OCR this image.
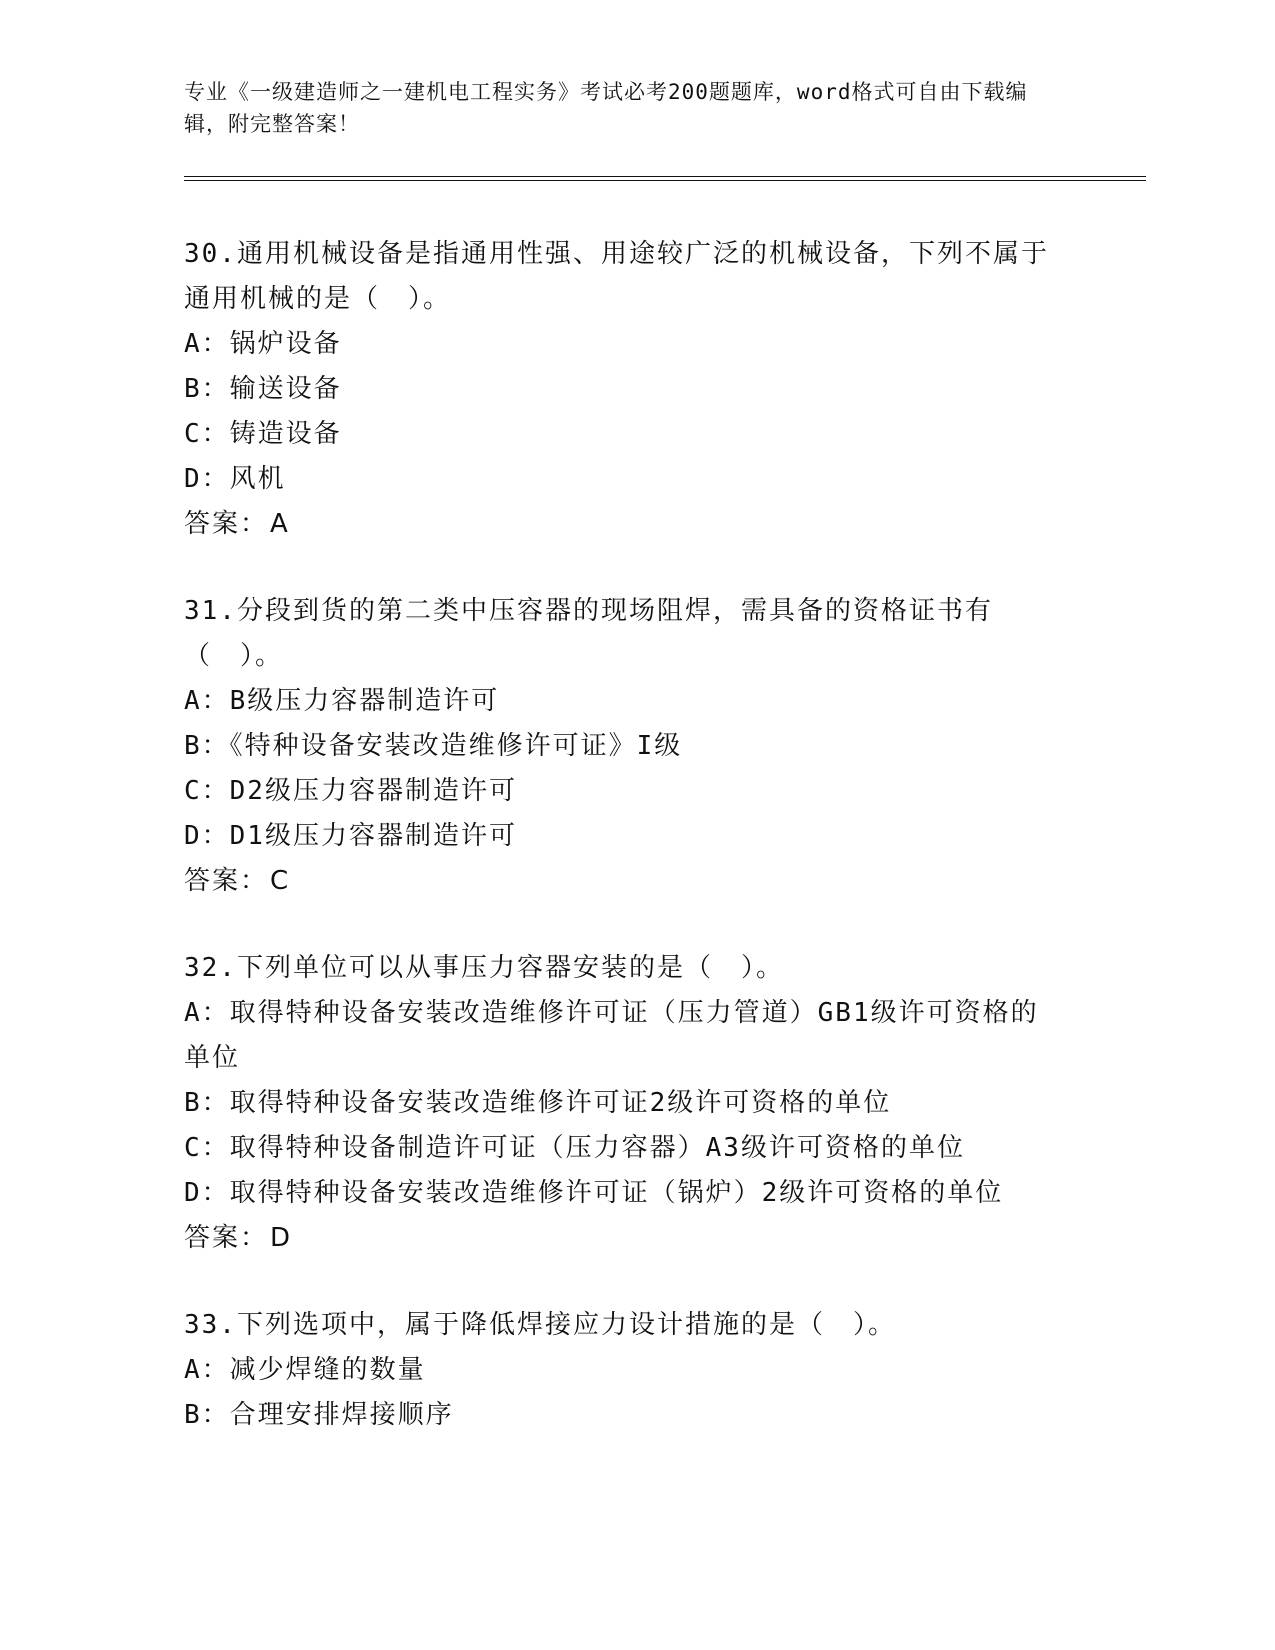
专业《一级建造师之一建机电工程实务》考试必考200题题库，word格式可自由下载编辑，附完整答案！
30.通用机械设备是指通用性强、用途较广泛的机械设备，下列不属于通用机械的是（　）。
A：锅炉设备
B：输送设备
C：铸造设备
D：风机
答案：A
31.分段到货的第二类中压容器的现场阻焊，需具备的资格证书有（　）。
A：B级压力容器制造许可
B：《特种设备安装改造维修许可证》I级
C：D2级压力容器制造许可
D：D1级压力容器制造许可
答案：C
32.下列单位可以从事压力容器安装的是（　）。
A：取得特种设备安装改造维修许可证（压力管道）GB1级许可资格的单位
B：取得特种设备安装改造维修许可证2级许可资格的单位
C：取得特种设备制造许可证（压力容器）A3级许可资格的单位
D：取得特种设备安装改造维修许可证（锅炉）2级许可资格的单位
答案：D
33.下列选项中，属于降低焊接应力设计措施的是（　）。
A：减少焊缝的数量
B：合理安排焊接顺序
